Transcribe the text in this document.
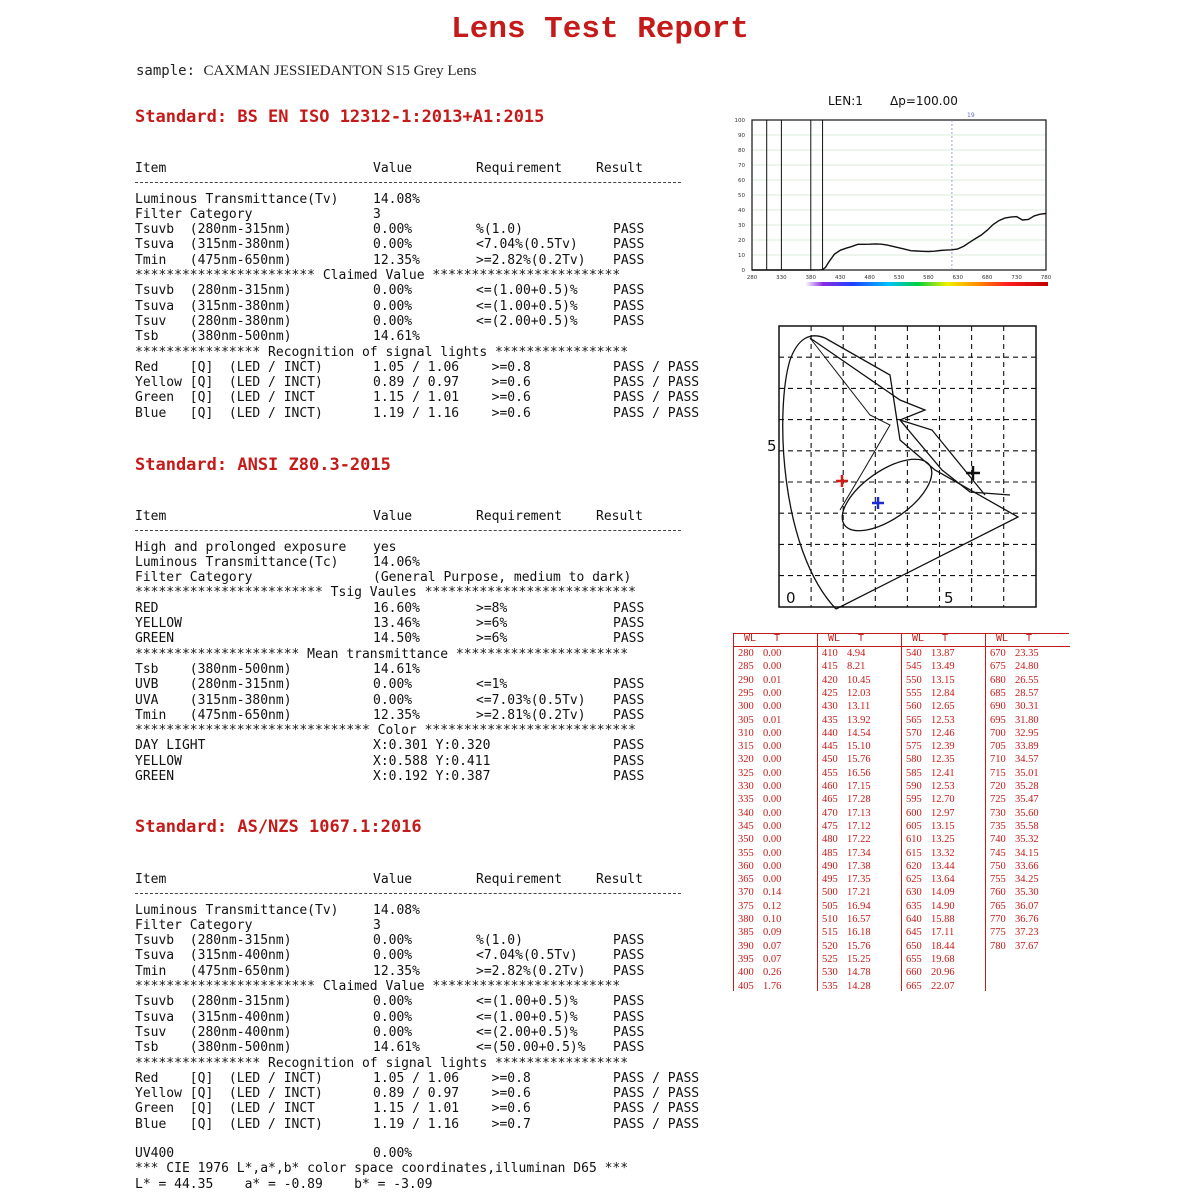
Lens Test Report
sample: CAXMAN JESSIEDANTON S15 Grey Lens
Standard: BS EN ISO 12312-1:2013+A1:2015
Item	Value	Requirement	Result
Luminous Transmittance(Tv)	14.08%
Filter Category	3
Tsuvb  (280nm-315nm)	0.00%	%(1.0)	PASS
Tsuva  (315nm-380nm)	0.00%	<7.04%(0.5Tv)	PASS
Tmin   (475nm-650nm)	12.35%	>=2.82%(0.2Tv) PASS
*********************** Claimed Value ************************
Tsuvb  (280nm-315nm)	0.00%	<=(1.00+0.5)%	PASS
Tsuva  (315nm-380nm)	0.00%	<=(1.00+0.5)%	PASS
Tsuv   (280nm-380nm)	0.00%	<=(2.00+0.5)%	PASS
Tsb    (380nm-500nm)	14.61%
**************** Recognition of signal lights *****************
Red    [Q]  (LED / INCT)	1.05 / 1.06 >=0.8	PASS / PASS
Yellow [Q]  (LED / INCT)	0.89 / 0.97 >=0.6	PASS / PASS
Green  [Q]  (LED / INCT	1.15 / 1.01 >=0.6	PASS / PASS
Blue   [Q]  (LED / INCT)	1.19 / 1.16 >=0.6	PASS / PASS
Standard: ANSI Z80.3-2015
Item	Value	Requirement	Result
High and prolonged exposure yes
Luminous Transmittance(Tc)	14.06%
Filter Category	(General Purpose, medium to dark)
************************ Tsig Vaules ***************************
RED	16.60%	>=8%	PASS
YELLOW	13.46%	>=6%	PASS
GREEN	14.50%	>=6%	PASS
********************* Mean transmittance **********************
Tsb    (380nm-500nm)	14.61%
UVB    (280nm-315nm)	0.00%	<=1%	PASS
UVA    (315nm-380nm)	0.00%	<=7.03%(0.5Tv) PASS
Tmin   (475nm-650nm)	12.35%	>=2.81%(0.2Tv) PASS
****************************** Color ***************************
DAY LIGHT	X:0.301 Y:0.320	PASS
YELLOW	X:0.588 Y:0.411	PASS
GREEN	X:0.192 Y:0.387	PASS
Standard: AS/NZS 1067.1:2016
Item	Value	Requirement	Result
Luminous Transmittance(Tv)	14.08%
Filter Category	3
Tsuvb  (280nm-315nm)	0.00%	%(1.0)	PASS
Tsuva  (315nm-400nm)	0.00%	<7.04%(0.5Tv)	PASS
Tmin   (475nm-650nm)	12.35%	>=2.82%(0.2Tv) PASS
*********************** Claimed Value ************************
Tsuvb  (280nm-315nm)	0.00%	<=(1.00+0.5)%	PASS
Tsuva  (315nm-400nm)	0.00%	<=(1.00+0.5)%	PASS
Tsuv   (280nm-400nm)	0.00%	<=(2.00+0.5)%	PASS
Tsb    (380nm-500nm)	14.61%	<=(50.00+0.5)% PASS
**************** Recognition of signal lights *****************
Red    [Q]  (LED / INCT)	1.05 / 1.06 >=0.8	PASS / PASS
Yellow [Q]  (LED / INCT)	0.89 / 0.97 >=0.6	PASS / PASS
Green  [Q]  (LED / INCT	1.15 / 1.01 >=0.6	PASS / PASS
Blue   [Q]  (LED / INCT)	1.19 / 1.16 >=0.7	PASS / PASS
UV400	0.00%
*** CIE 1976 L*,a*,b* color space coordinates,illuminan D65 ***
L* = 44.35    a* = -0.89    b* = -3.09
LEN:1 Δp=100.00
19
100
90
80
70
60
50
40
30
20
10
0
280	330	380	430	480	530	580	630	680	730	780
5
0	5
WL T
280 0.00
285 0.00
290 0.01
295 0.00
300 0.00
305 0.01
310 0.00
315 0.00
320 0.00
325 0.00
330 0.00
335 0.00
340 0.00
345 0.00
350 0.00
355 0.00
360 0.00
365 0.00
370 0.14
375 0.12
380 0.10
385 0.09
390 0.07
395 0.07
400 0.26
405 1.76
WL T
410 4.94
415 8.21
420 10.45
425 12.03
430 13.11
435 13.92
440 14.54
445 15.10
450 15.76
455 16.56
460 17.15
465 17.28
470 17.13
475 17.12
480 17.22
485 17.34
490 17.38
495 17.35
500 17.21
505 16.94
510 16.57
515 16.18
520 15.76
525 15.25
530 14.78
535 14.28
WL T
540 13.87
545 13.49
550 13.15
555 12.84
560 12.65
565 12.53
570 12.46
575 12.39
580 12.35
585 12.41
590 12.53
595 12.70
600 12.97
605 13.15
610 13.25
615 13.32
620 13.44
625 13.64
630 14.09
635 14.90
640 15.88
645 17.11
650 18.44
655 19.68
660 20.96
665 22.07
WL T
670 23.35
675 24.80
680 26.55
685 28.57
690 30.31
695 31.80
700 32.95
705 33.89
710 34.57
715 35.01
720 35.28
725 35.47
730 35.60
735 35.58
740 35.32
745 34.15
750 33.66
755 34.25
760 35.30
765 36.07
770 36.76
775 37.23
780 37.67
